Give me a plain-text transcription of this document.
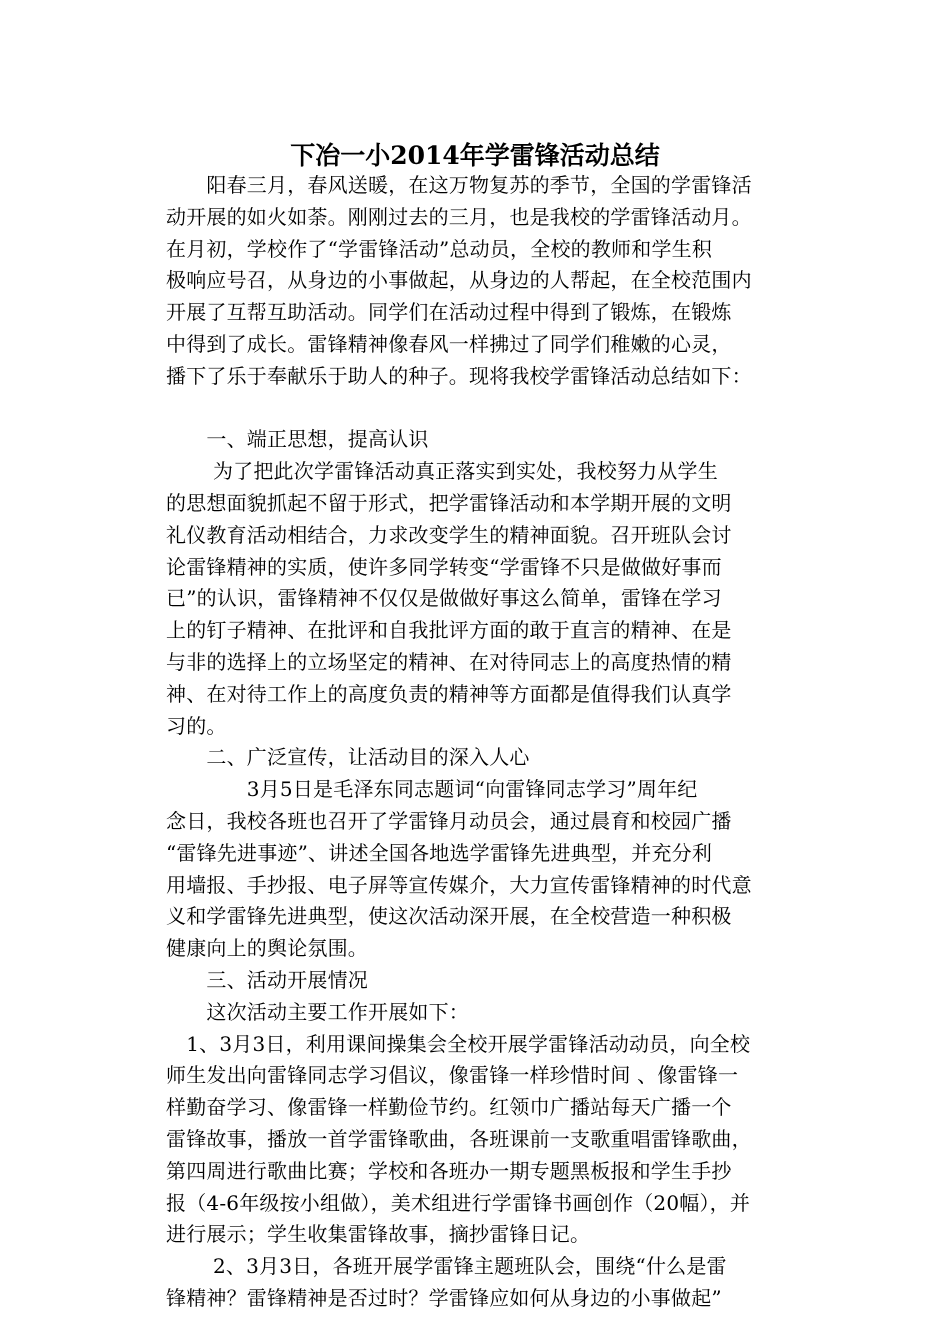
下冶一小2014年学雷锋活动总结
　　阳春三月，春风送暖，在这万物复苏的季节，全国的学雷锋活
动开展的如火如荼。刚刚过去的三月，也是我校的学雷锋活动月。
在月初，学校作了“学雷锋活动”总动员，全校的教师和学生积
极响应号召，从身边的小事做起，从身边的人帮起，在全校范围内
开展了互帮互助活动。同学们在活动过程中得到了锻炼，在锻炼
中得到了成长。雷锋精神像春风一样拂过了同学们稚嫩的心灵，
播下了乐于奉献乐于助人的种子。现将我校学雷锋活动总结如下：
　　一、端正思想，提高认识
　　 为了把此次学雷锋活动真正落实到实处，我校努力从学生
的思想面貌抓起不留于形式，把学雷锋活动和本学期开展的文明
礼仪教育活动相结合，力求改变学生的精神面貌。召开班队会讨
论雷锋精神的实质，使许多同学转变“学雷锋不只是做做好事而
已”的认识，雷锋精神不仅仅是做做好事这么简单，雷锋在学习
上的钉子精神、在批评和自我批评方面的敢于直言的精神、在是
与非的选择上的立场坚定的精神、在对待同志上的高度热情的精
神、在对待工作上的高度负责的精神等方面都是值得我们认真学
习的。
　　二、广泛宣传，让活动目的深入人心
　　　　3月5日是毛泽东同志题词“向雷锋同志学习”周年纪
念日，我校各班也召开了学雷锋月动员会，通过晨育和校园广播
“雷锋先进事迹”、讲述全国各地选学雷锋先进典型，并充分利
用墙报、手抄报、电子屏等宣传媒介，大力宣传雷锋精神的时代意
义和学雷锋先进典型，使这次活动深开展，在全校营造一种积极
健康向上的舆论氛围。
　　三、活动开展情况
　　这次活动主要工作开展如下：
　1、3月3日，利用课间操集会全校开展学雷锋活动动员，向全校
师生发出向雷锋同志学习倡议，像雷锋一样珍惜时间 、像雷锋一
样勤奋学习、像雷锋一样勤俭节约。红领巾广播站每天广播一个
雷锋故事，播放一首学雷锋歌曲，各班课前一支歌重唱雷锋歌曲，
第四周进行歌曲比赛；学校和各班办一期专题黑板报和学生手抄
报（4-6年级按小组做），美术组进行学雷锋书画创作（20幅），并
进行展示；学生收集雷锋故事，摘抄雷锋日记。
　　 2、3月3日，各班开展学雷锋主题班队会，围绕“什么是雷
锋精神？雷锋精神是否过时？学雷锋应如何从身边的小事做起”
